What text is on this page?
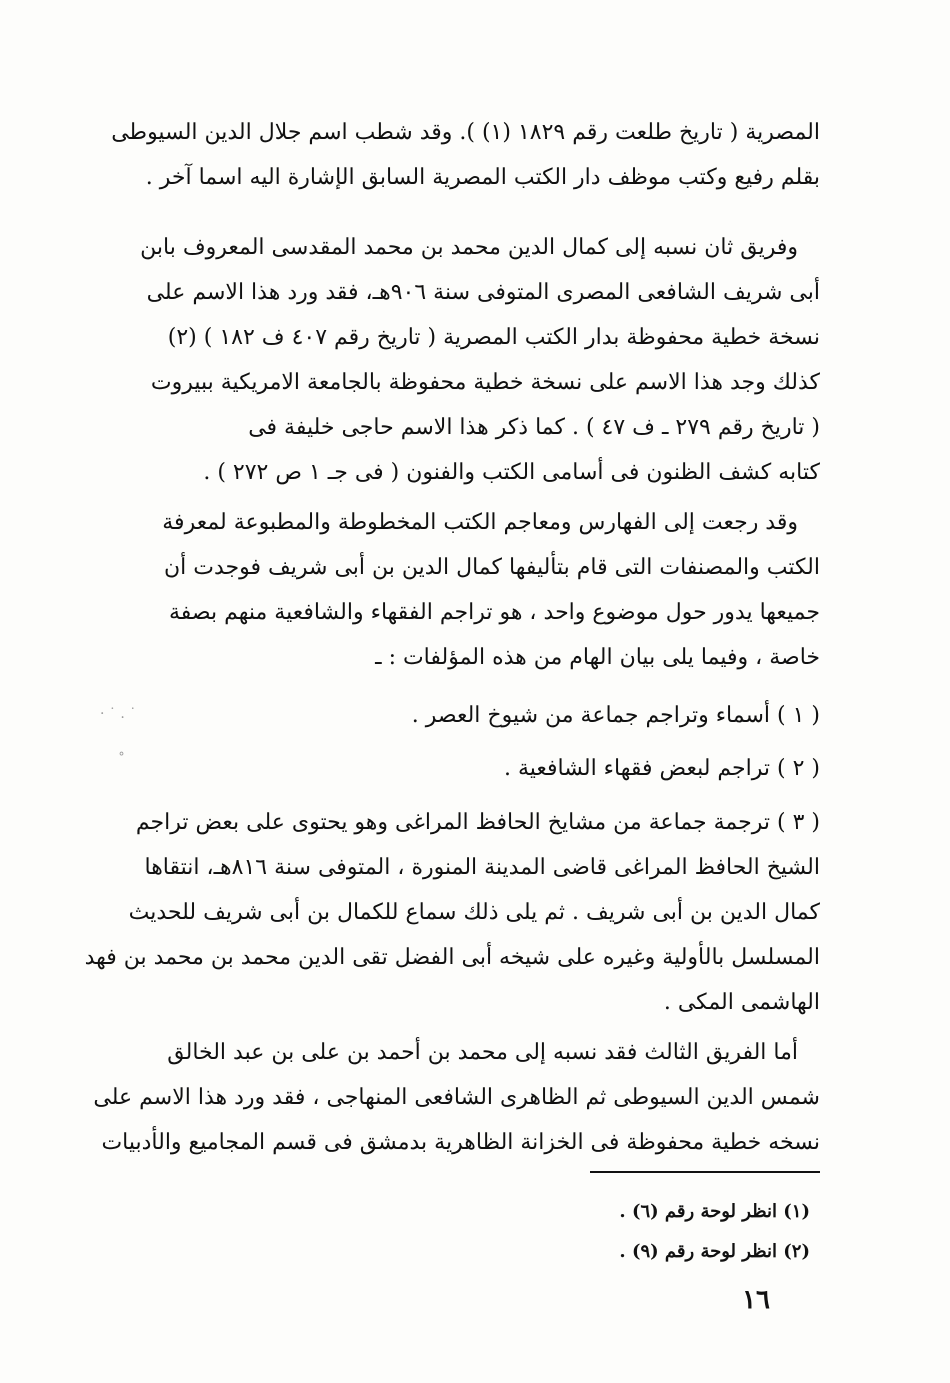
المصرية ( تاريخ طلعت رقم ١٨٢٩ (١) ). وقد شطب اسم جلال الدين السيوطى
بقلم رفيع وكتب موظف دار الكتب المصرية السابق الإشارة اليه اسما آخر .
وفريق ثان نسبه إلى كمال الدين محمد بن محمد المقدسى المعروف بابن
أبى شريف الشافعى المصرى المتوفى سنة ٩٠٦هـ، فقد ورد هذا الاسم على
نسخة خطية محفوظة بدار الكتب المصرية ( تاريخ رقم ٤٠٧ ف ١٨٢ ) (٢)
كذلك وجد هذا الاسم على نسخة خطية محفوظة بالجامعة الامريكية ببيروت
( تاريخ رقم ٢٧٩ ـ ف ٤٧ ) . كما ذكر هذا الاسم حاجى خليفة فى
كتابه كشف الظنون فى أسامى الكتب والفنون ( فى جـ ١ ص ٢٧٢ ) .
وقد رجعت إلى الفهارس ومعاجم الكتب المخطوطة والمطبوعة لمعرفة
الكتب والمصنفات التى قام بتأليفها كمال الدين بن أبى شريف فوجدت أن
جميعها يدور حول موضوع واحد ، هو تراجم الفقهاء والشافعية منهم بصفة
خاصة ، وفيما يلى بيان الهام من هذه المؤلفات : ـ
( ١ ) أسماء وتراجم جماعة من شيوخ العصر .
( ٢ ) تراجم لبعض فقهاء الشافعية .
( ٣ ) ترجمة جماعة من مشايخ الحافظ المراغى وهو يحتوى على بعض تراجم
الشيخ الحافظ المراغى قاضى المدينة المنورة ، المتوفى سنة ٨١٦هـ، انتقاها
كمال الدين بن أبى شريف . ثم يلى ذلك سماع للكمال بن أبى شريف للحديث
المسلسل بالأولية وغيره على شيخه أبى الفضل تقى الدين محمد بن محمد بن فهد
الهاشمى المكى .
أما الفريق الثالث فقد نسبه إلى محمد بن أحمد بن على بن عبد الخالق
شمس الدين السيوطى ثم الظاهرى الشافعى المنهاجى ، فقد ورد هذا الاسم على
نسخه خطية محفوظة فى الخزانة الظاهرية بدمشق فى قسم المجاميع والأدبيات
(١) انظر لوحة رقم (٦) .
(٢) انظر لوحة رقم (٩) .
١٦
· ˙ . ˙
˚
